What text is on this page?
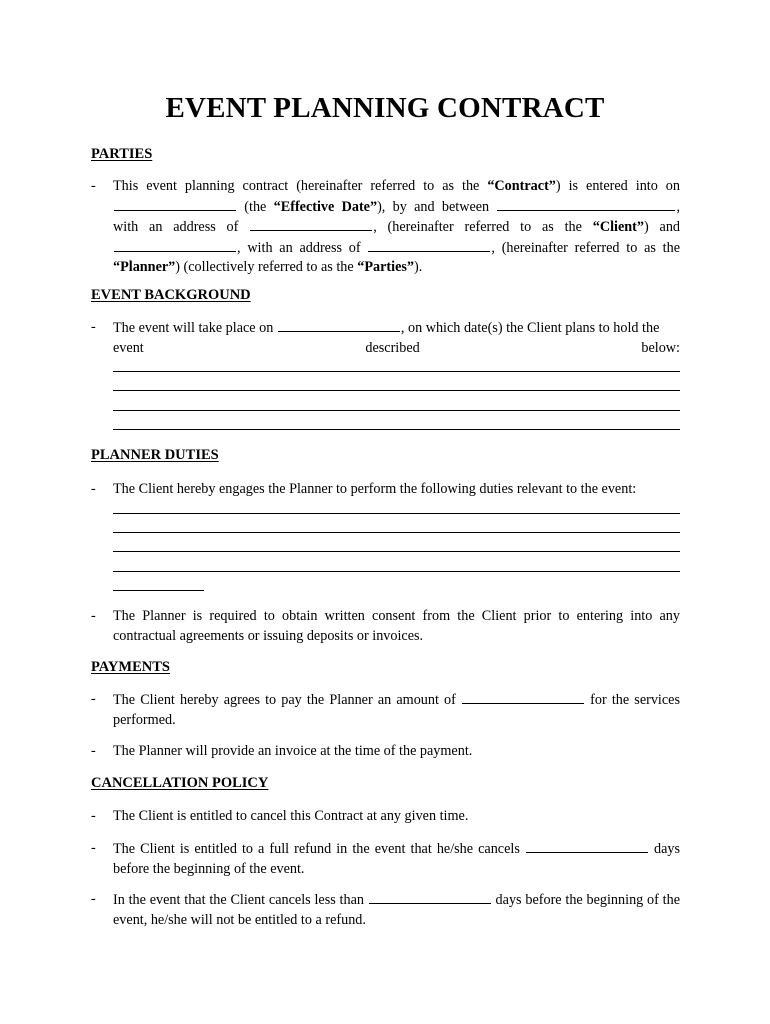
EVENT PLANNING CONTRACT
PARTIES
- This event planning contract (hereinafter referred to as the “Contract”) is entered into on  (the “Effective Date”), by and between	, with an address of	, (hereinafter referred to as the “Client”) and , with an address of	, (hereinafter referred to as the “Planner”) (collectively referred to as the “Parties”).
EVENT BACKGROUND
- The event will take place on	, on which date(s) the Client plans to hold the
event	described	below:
PLANNER DUTIES
- The Client hereby engages the Planner to perform the following duties relevant to the event:
- The Planner is required to obtain written consent from the Client prior to entering into any contractual agreements or issuing deposits or invoices.
PAYMENTS
- The Client hereby agrees to pay the Planner an amount of	for the services performed.
- The Planner will provide an invoice at the time of the payment.
CANCELLATION POLICY
- The Client is entitled to cancel this Contract at any given time.
- The Client is entitled to a full refund in the event that he/she cancels	days before the beginning of the event.
- In the event that the Client cancels less than	days before the beginning of the event, he/she will not be entitled to a refund.
